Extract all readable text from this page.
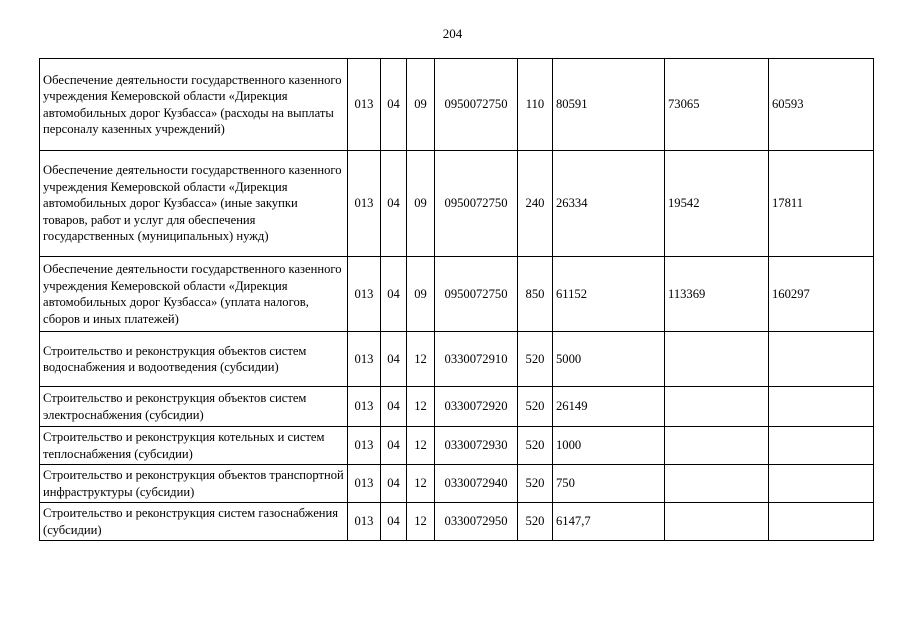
204
Обеспечение деятельности государственного казенного учреждения Кемеровской области «Дирекция автомобильных дорог Кузбасса» (расходы на выплаты персоналу казенных учреждений)	013	04	09	0950072750	110	80591	73065	60593
Обеспечение деятельности государственного казенного учреждения Кемеровской области «Дирекция автомобильных дорог Кузбасса» (иные закупки товаров, работ и услуг для обеспечения государственных (муниципальных) нужд)	013	04	09	0950072750	240	26334	19542	17811
Обеспечение деятельности государственного казенного учреждения Кемеровской области «Дирекция автомобильных дорог Кузбасса» (уплата налогов, сборов и иных платежей)	013	04	09	0950072750	850	61152	113369	160297
Строительство и реконструкция объектов систем водоснабжения и водоотведения (субсидии)	013	04	12	0330072910	520	5000		
Строительство и реконструкция объектов систем электроснабжения (субсидии)	013	04	12	0330072920	520	26149		
Строительство и реконструкция котельных и систем теплоснабжения (субсидии)	013	04	12	0330072930	520	1000		
Строительство и реконструкция объектов транспортной инфраструктуры (субсидии)	013	04	12	0330072940	520	750		
Строительство и реконструкция систем газоснабжения (субсидии)	013	04	12	0330072950	520	6147,7		
